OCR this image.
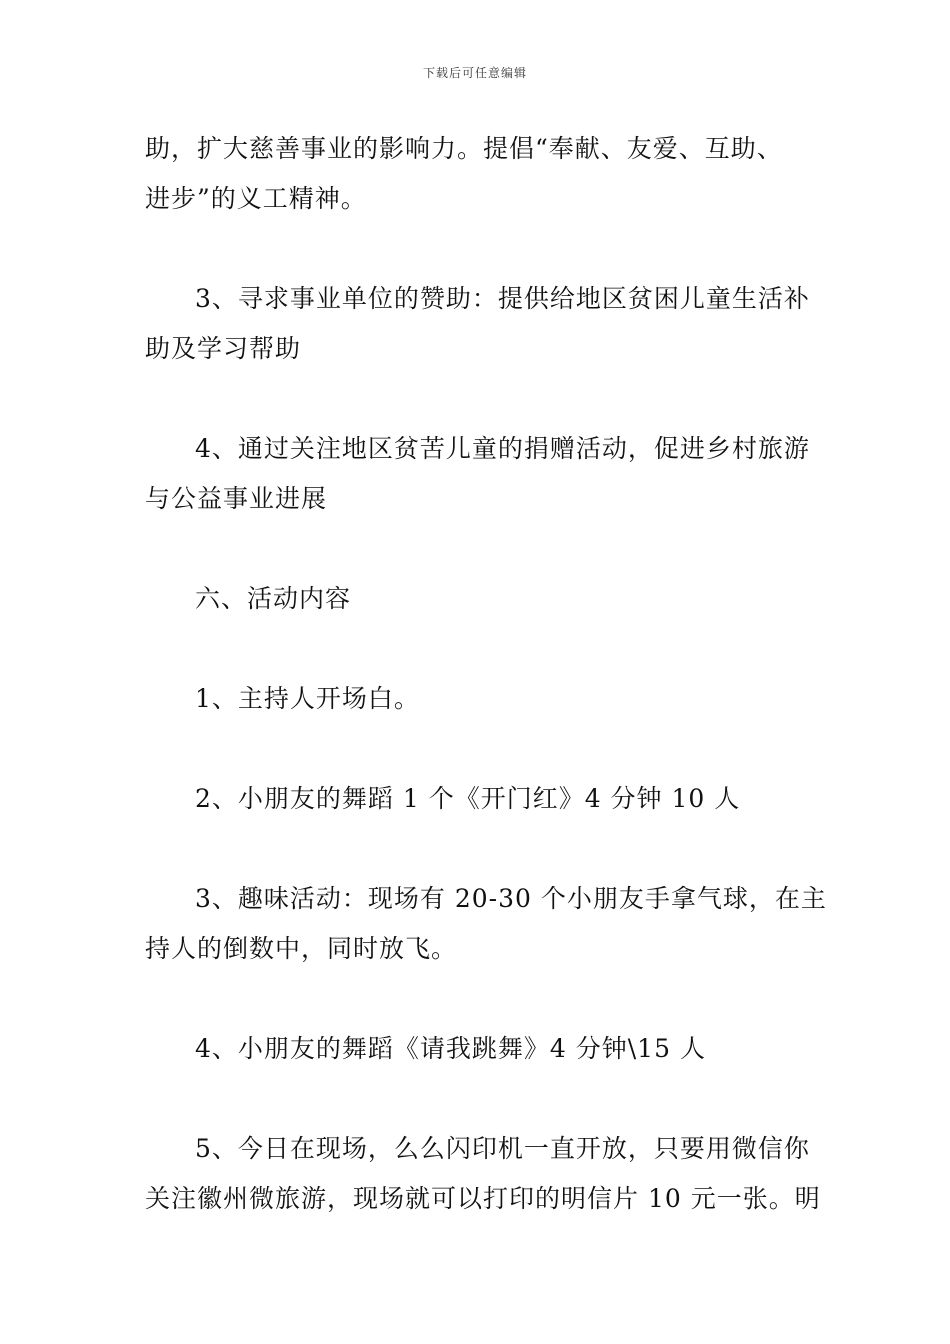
下载后可任意编辑
助，扩大慈善事业的影响力。提倡“奉献、友爱、互助、
进步”的义工精神。
3、寻求事业单位的赞助：提供给地区贫困儿童生活补
助及学习帮助
4、通过关注地区贫苦儿童的捐赠活动，促进乡村旅游
与公益事业进展
六、活动内容
1、主持人开场白。
2、小朋友的舞蹈 1 个《开门红》4 分钟 10 人
3、趣味活动：现场有 20-30 个小朋友手拿气球，在主
持人的倒数中，同时放飞。
4、小朋友的舞蹈《请我跳舞》4 分钟\15 人
5、今日在现场，么么闪印机一直开放，只要用微信你
关注徽州微旅游，现场就可以打印的明信片 10 元一张。明
